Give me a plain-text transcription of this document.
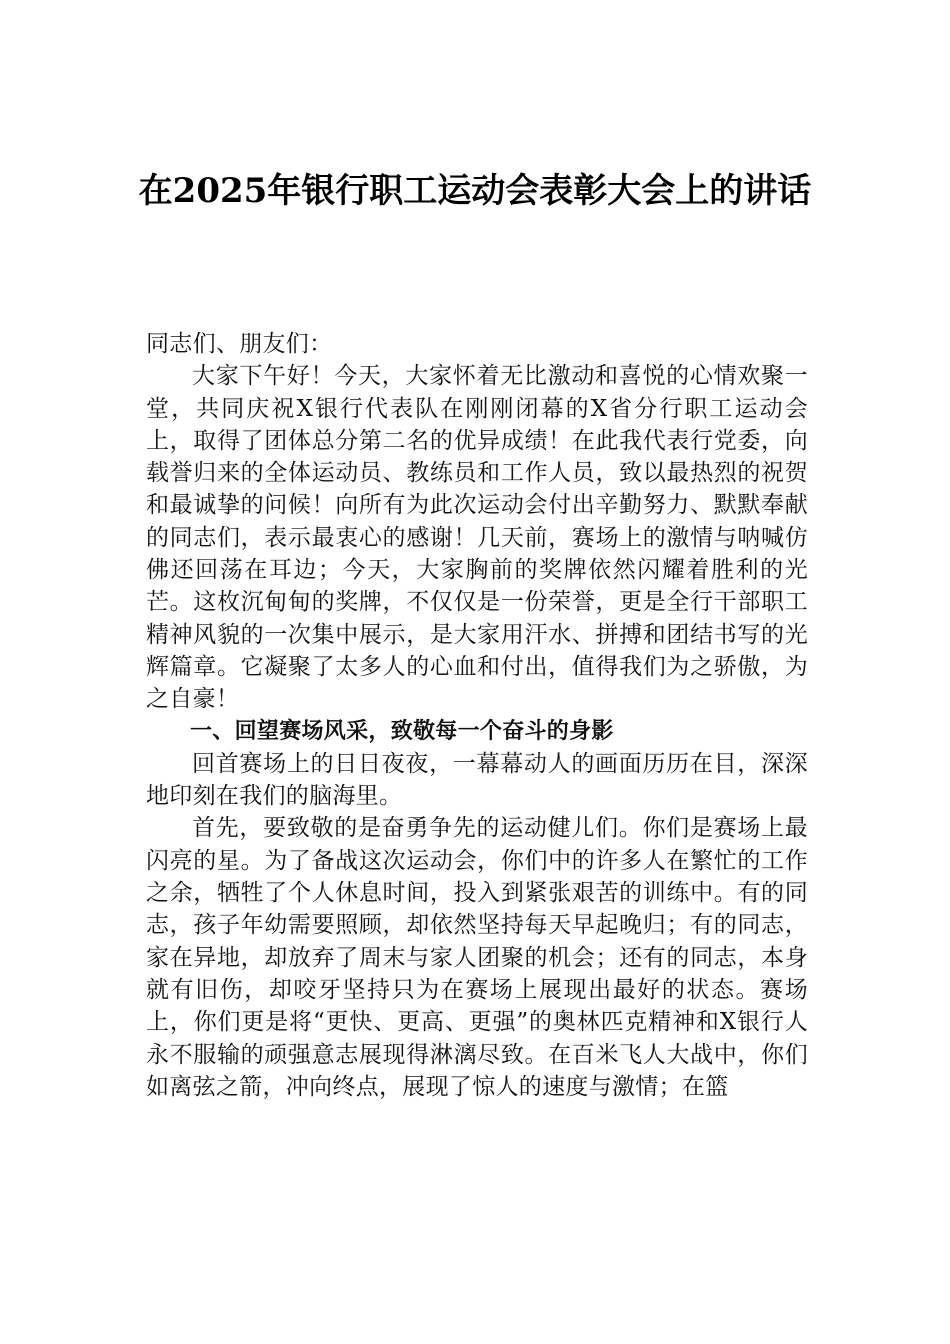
在2025年银行职工运动会表彰大会上的讲话

同志们、朋友们：

大家下午好！今天，大家怀着无比激动和喜悦的心情欢聚一堂，共同庆祝X银行代表队在刚刚闭幕的X省分行职工运动会上，取得了团体总分第二名的优异成绩！在此我代表行党委，向载誉归来的全体运动员、教练员和工作人员，致以最热烈的祝贺和最诚挚的问候！向所有为此次运动会付出辛勤努力、默默奉献的同志们，表示最衷心的感谢！几天前，赛场上的激情与呐喊仿佛还回荡在耳边；今天，大家胸前的奖牌依然闪耀着胜利的光芒。这枚沉甸甸的奖牌，不仅仅是一份荣誉，更是全行干部职工精神风貌的一次集中展示，是大家用汗水、拼搏和团结书写的光辉篇章。它凝聚了太多人的心血和付出，值得我们为之骄傲，为之自豪！

一、回望赛场风采，致敬每一个奋斗的身影

回首赛场上的日日夜夜，一幕幕动人的画面历历在目，深深地印刻在我们的脑海里。

首先，要致敬的是奋勇争先的运动健儿们。你们是赛场上最闪亮的星。为了备战这次运动会，你们中的许多人在繁忙的工作之余，牺牲了个人休息时间，投入到紧张艰苦的训练中。有的同志，孩子年幼需要照顾，却依然坚持每天早起晚归；有的同志，家在异地，却放弃了周末与家人团聚的机会；还有的同志，本身就有旧伤，却咬牙坚持只为在赛场上展现出最好的状态。赛场上，你们更是将“更快、更高、更强”的奥林匹克精神和X银行人永不服输的顽强意志展现得淋漓尽致。在百米飞人大战中，你们如离弦之箭，冲向终点，展现了惊人的速度与激情；在篮
